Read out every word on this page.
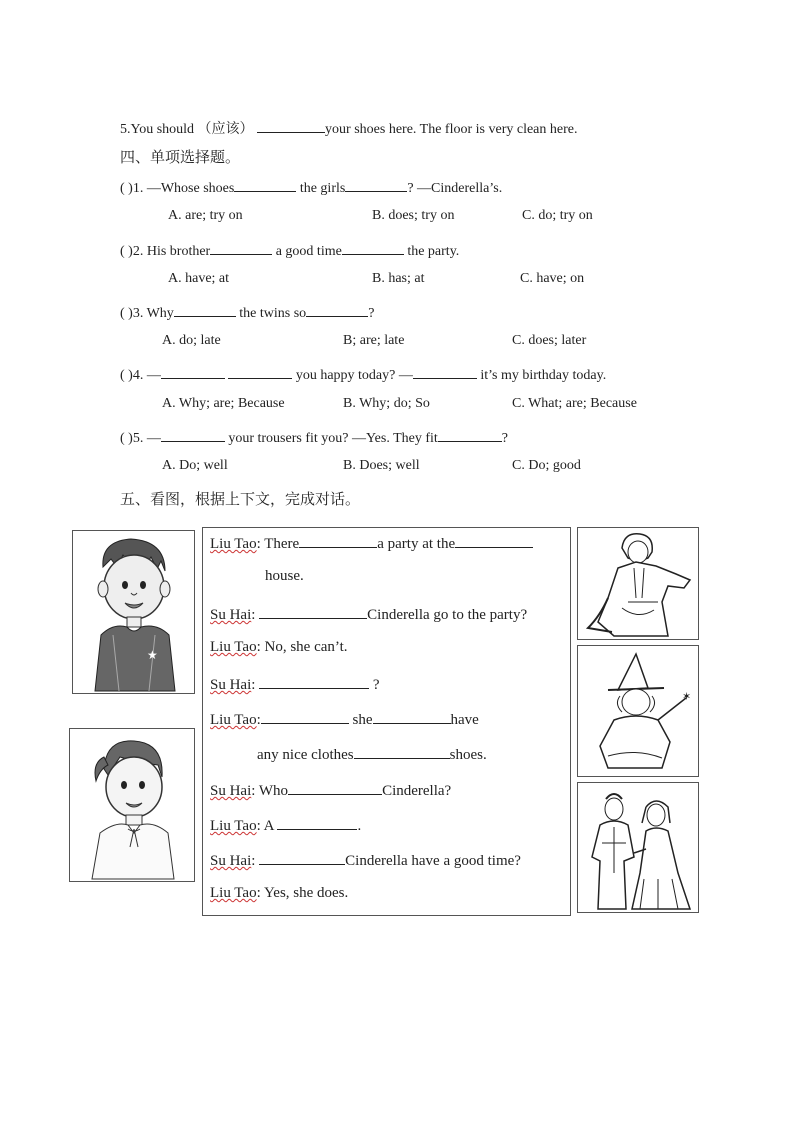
5.You should （应该）	your shoes here. The floor is very clean here.
四、单项选择题。
( )1. —Whose shoes	the girls	? —Cinderella’s.
A. are; try on	B. does; try on	C. do; try on
( )2. His brother	a good time	the party.
A. have; at	B. has; at	C. have; on
( )3. Why	the twins so	?
A. do; late	B; are; late	C. does; later
( )4. —	you happy today? —	it’s my birthday today.
A. Why; are; Because	B. Why; do; So	C. What; are; Because
( )5. —	your trousers fit you? —Yes. They fit	?
A. Do; well	B. Does; well	C. Do; good
五、看图，根据上下文，完成对话。
★
Liu Tao: There	a party at the
house.
Su Hai:	Cinderella go to the party?
Liu Tao: No, she can’t.
Su Hai:	?
Liu Tao:	she	have
any nice clothes	shoes.
Su Hai: Who	Cinderella?
Liu Tao: A	.
Su Hai:	Cinderella have a good time?
Liu Tao: Yes, she does.
✶
